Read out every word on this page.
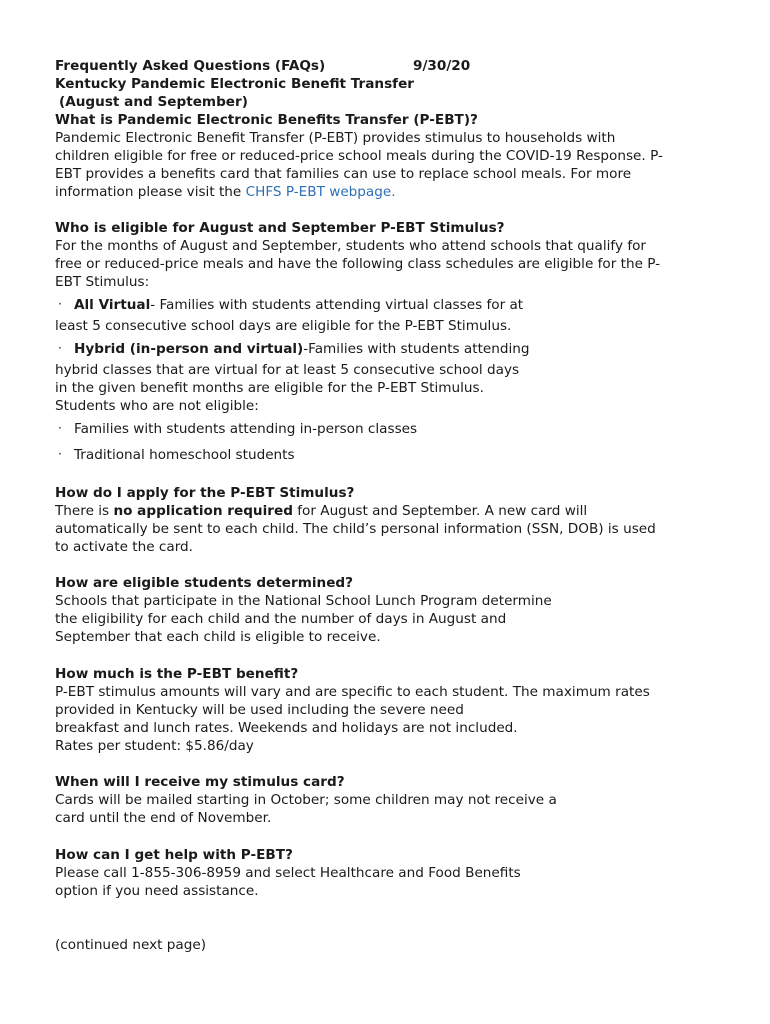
Frequently Asked Questions (FAQs)	9/30/20

Kentucky Pandemic Electronic Benefit Transfer

(August and September)

What is Pandemic Electronic Benefits Transfer (P-EBT)?

Pandemic Electronic Benefit Transfer (P-EBT) provides stimulus to households with

children eligible for free or reduced-price school meals during the COVID-19 Response. P-

EBT provides a benefits card that families can use to replace school meals. For more

information please visit the CHFS P-EBT webpage.

Who is eligible for August and September P-EBT Stimulus?

For the months of August and September, students who attend schools that qualify for

free or reduced-price meals and have the following class schedules are eligible for the P-

EBT Stimulus:

· All Virtual- Families with students attending virtual classes for at

least 5 consecutive school days are eligible for the P-EBT Stimulus.

· Hybrid (in-person and virtual)-Families with students attending

hybrid classes that are virtual for at least 5 consecutive school days

in the given benefit months are eligible for the P-EBT Stimulus.

Students who are not eligible:

· Families with students attending in-person classes

· Traditional homeschool students

How do I apply for the P-EBT Stimulus?

There is no application required for August and September. A new card will

automatically be sent to each child. The child’s personal information (SSN, DOB) is used

to activate the card.

How are eligible students determined?

Schools that participate in the National School Lunch Program determine

the eligibility for each child and the number of days in August and

September that each child is eligible to receive.

How much is the P-EBT benefit?

P-EBT stimulus amounts will vary and are specific to each student. The maximum rates

provided in Kentucky will be used including the severe need

breakfast and lunch rates. Weekends and holidays are not included.

Rates per student: $5.86/day

When will I receive my stimulus card?

Cards will be mailed starting in October; some children may not receive a

card until the end of November.

How can I get help with P-EBT?

Please call 1-855-306-8959 and select Healthcare and Food Benefits

option if you need assistance.

(continued next page)
